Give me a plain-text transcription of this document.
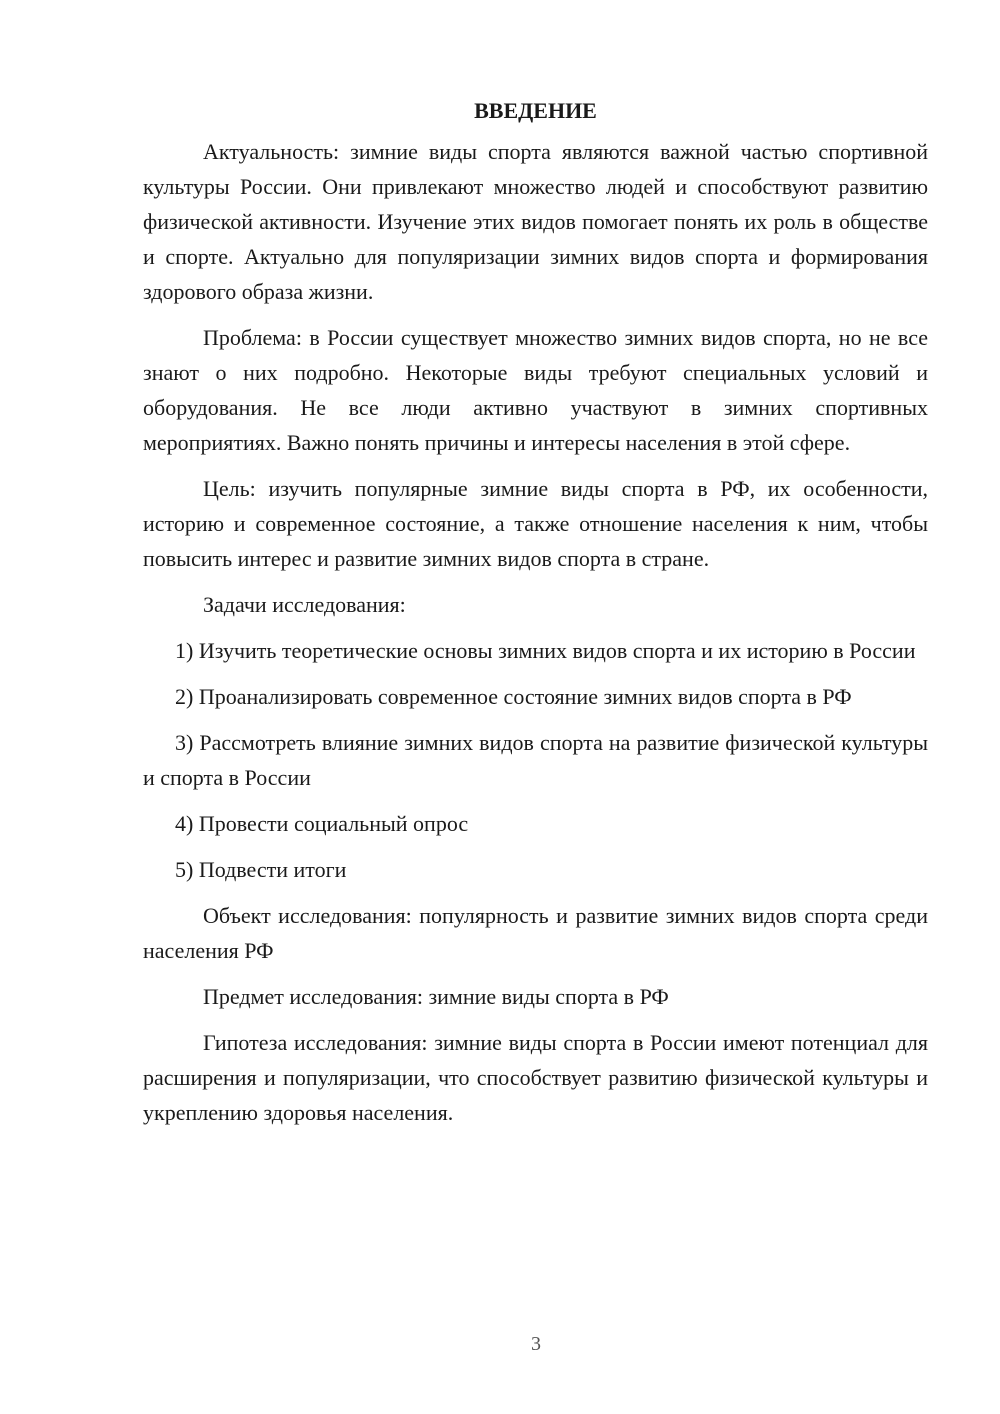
ВВЕДЕНИЕ

Актуальность: зимние виды спорта являются важной частью спортивной культуры России. Они привлекают множество людей и способствуют развитию физической активности. Изучение этих видов помогает понять их роль в обществе и спорте. Актуально для популяризации зимних видов спорта и формирования здорового образа жизни.

Проблема: в России существует множество зимних видов спорта, но не все знают о них подробно. Некоторые виды требуют специальных условий и оборудования. Не все люди активно участвуют в зимних спортивных мероприятиях. Важно понять причины и интересы населения в этой сфере.

Цель: изучить популярные зимние виды спорта в РФ, их особенности, историю и современное состояние, а также отношение населения к ним, чтобы повысить интерес и развитие зимних видов спорта в стране.

Задачи исследования:

1) Изучить теоретические основы зимних видов спорта и их историю в России

2) Проанализировать современное состояние зимних видов спорта в РФ

3) Рассмотреть влияние зимних видов спорта на развитие физической культуры и спорта в России

4) Провести социальный опрос

5) Подвести итоги

Объект исследования: популярность и развитие зимних видов спорта среди населения РФ

Предмет исследования: зимние виды спорта в РФ

Гипотеза исследования: зимние виды спорта в России имеют потенциал для расширения и популяризации, что способствует развитию физической культуры и укреплению здоровья населения.

3
